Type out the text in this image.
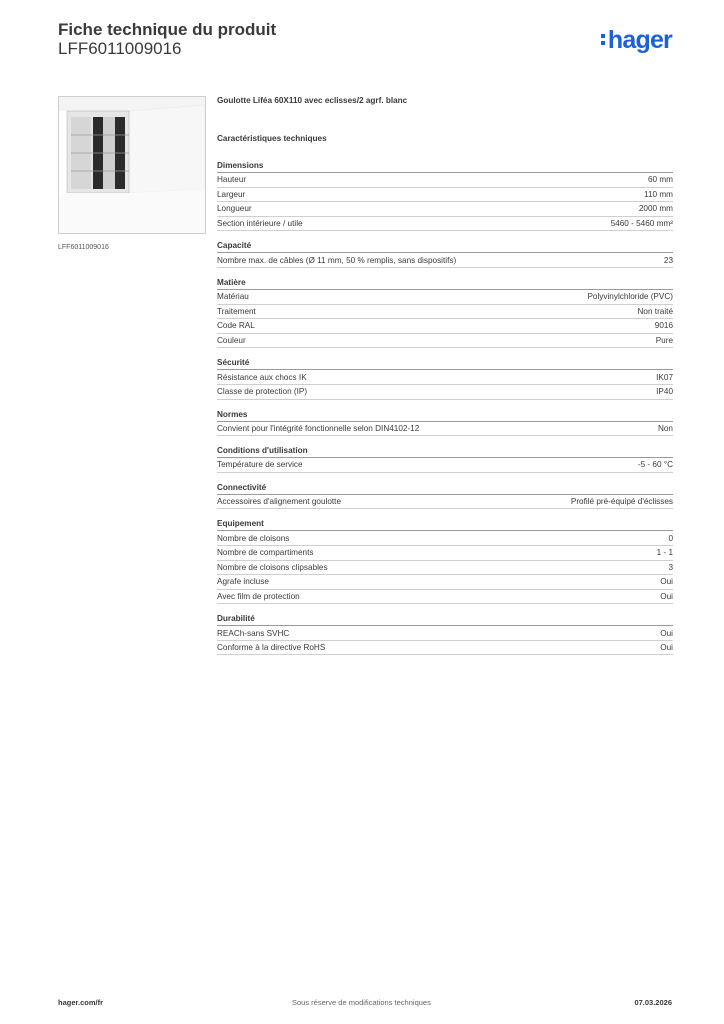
Fiche technique du produit
LFF6011009016	hager
LFF6011009016
Goulotte Liféa 60X110 avec eclisses/2 agrf. blanc
Caractéristiques techniques
Dimensions
Hauteur	60 mm
Largeur	110 mm
Longueur	2000 mm
Section intérieure / utile	5460 - 5460 mm²
Capacité
Nombre max. de câbles (Ø 11 mm, 50 % remplis, sans dispositifs)	23
Matière
Matériau	Polyvinylchloride (PVC)
Traitement	Non traité
Code RAL	9016
Couleur	Pure
Sécurité
Résistance aux chocs IK	IK07
Classe de protection (IP)	IP40
Normes
Convient pour l'intégrité fonctionnelle selon DIN4102-12	Non
Conditions d'utilisation
Température de service	-5 - 60 °C
Connectivité
Accessoires d'alignement goulotte	Profilé pré-équipé d'éclisses
Equipement
Nombre de cloisons	0
Nombre de compartiments	1 - 1
Nombre de cloisons clipsables	3
Agrafe incluse	Oui
Avec film de protection	Oui
Durabilité
REACh-sans SVHC	Oui
Conforme à la directive RoHS	Oui
hager.com/fr	Sous réserve de modifications techniques	07.03.2026
